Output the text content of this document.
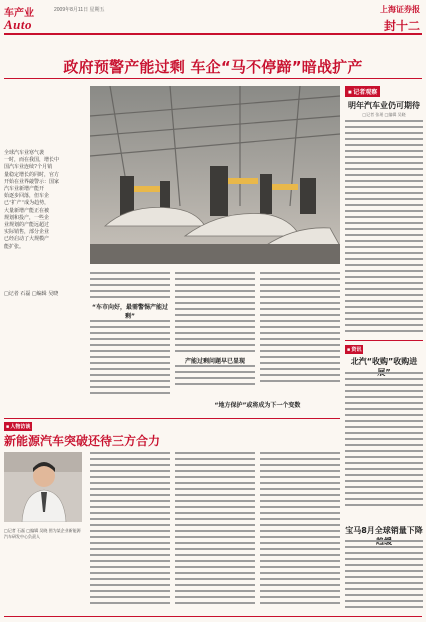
车产业	2009年8月11日 星期五
Auto
上海证券报
封十二
政府预警产能过剩 车企“马不停蹄”暗战扩产
全球汽车业寒气袭
一时，而在我国，增长中
国汽车业连续7个月销
量稳定增长的同时，官方
开始在业界敲警示：国家
汽车业新增产能开
始逐步回落，但车企
已“扩产”成为趋势，
大量新增产能正在被
规划和投产，一些企
业规划的产能远超过
实际销售，部分企业
已经启动了大规模产
能扩张。
□记者 石磊 □编辑 吴晓
“车市向好，最需警惕产能过剩”
产能过剩问题早已显现
“地方保护”或将成为下一个变数
■ 记者观察
明年汽车业仍可期待
□记者 张瑶 □编辑 吴晓
■ 资讯
北汽“收购”收购进
宝马8月全球销量下降
■ 人物访谈
新能源汽车突破还待三方合力
□记者 石磊 □编辑 吴晓 图为某企业新能源汽车研发中心负责人
